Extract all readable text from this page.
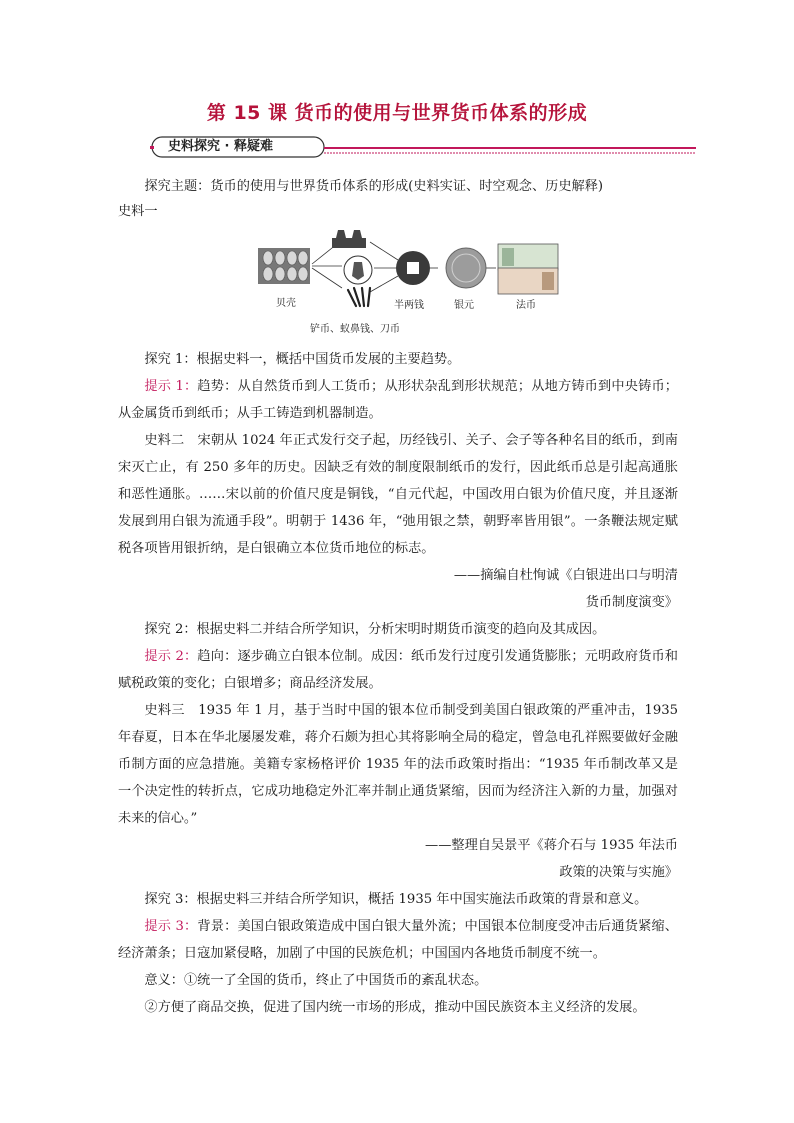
第 15 课 货币的使用与世界货币体系的形成
史料探究 · 释疑难

探究主题：货币的使用与世界货币体系的形成(史料实证、时空观念、历史解释)

史料一

贝壳
铲币、蚁鼻钱、刀币
半两钱	银元	法币

探究 1：根据史料一，概括中国货币发展的主要趋势。

提示 1：趋势：从自然货币到人工货币；从形状杂乱到形状规范；从地方铸币到中央铸币；从金属货币到纸币；从手工铸造到机器制造。

史料二　宋朝从 1024 年正式发行交子起，历经钱引、关子、会子等各种名目的纸币，到南宋灭亡止，有 250 多年的历史。因缺乏有效的制度限制纸币的发行，因此纸币总是引起高通胀和恶性通胀。……宋以前的价值尺度是铜钱，“自元代起，中国改用白银为价值尺度，并且逐渐发展到用白银为流通手段”。明朝于 1436 年，“弛用银之禁，朝野率皆用银”。一条鞭法规定赋税各项皆用银折纳，是白银确立本位货币地位的标志。

——摘编自杜恂诚《白银进出口与明清

货币制度演变》

探究 2：根据史料二并结合所学知识，分析宋明时期货币演变的趋向及其成因。

提示 2：趋向：逐步确立白银本位制。成因：纸币发行过度引发通货膨胀；元明政府货币和赋税政策的变化；白银增多；商品经济发展。

史料三　1935 年 1 月，基于当时中国的银本位币制受到美国白银政策的严重冲击，1935 年春夏，日本在华北屡屡发难，蒋介石颇为担心其将影响全局的稳定，曾急电孔祥熙要做好金融币制方面的应急措施。美籍专家杨格评价 1935 年的法币政策时指出：“1935 年币制改革又是一个决定性的转折点，它成功地稳定外汇率并制止通货紧缩，因而为经济注入新的力量，加强对未来的信心。”

——整理自吴景平《蒋介石与 1935 年法币

政策的决策与实施》

探究 3：根据史料三并结合所学知识，概括 1935 年中国实施法币政策的背景和意义。

提示 3：背景：美国白银政策造成中国白银大量外流；中国银本位制度受冲击后通货紧缩、经济萧条；日寇加紧侵略，加剧了中国的民族危机；中国国内各地货币制度不统一。

意义：①统一了全国的货币，终止了中国货币的紊乱状态。

②方便了商品交换，促进了国内统一市场的形成，推动中国民族资本主义经济的发展。
